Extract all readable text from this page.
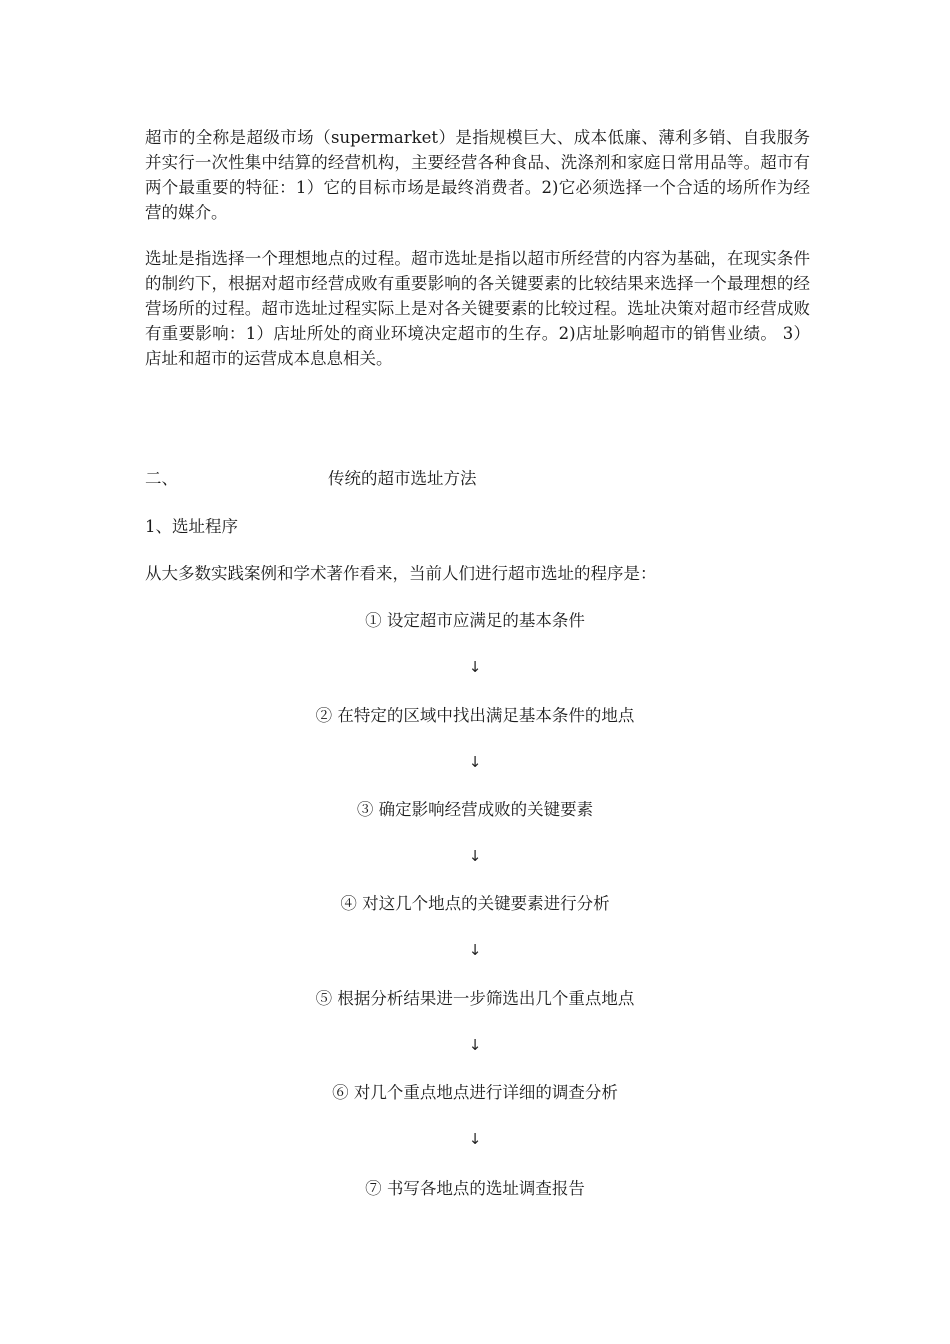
超市的全称是超级市场（supermarket）是指规模巨大、成本低廉、薄利多销、自我服务并实行一次性集中结算的经营机构，主要经营各种食品、洗涤剂和家庭日常用品等。超市有两个最重要的特征：1）它的目标市场是最终消费者。2)它必须选择一个合适的场所作为经营的媒介。

选址是指选择一个理想地点的过程。超市选址是指以超市所经营的内容为基础，在现实条件的制约下，根据对超市经营成败有重要影响的各关键要素的比较结果来选择一个最理想的经营场所的过程。超市选址过程实际上是对各关键要素的比较过程。选址决策对超市经营成败有重要影响：1）店址所处的商业环境决定超市的生存。2)店址影响超市的销售业绩。 3）店址和超市的运营成本息息相关。

二、	传统的超市选址方法
1、选址程序
从大多数实践案例和学术著作看来，当前人们进行超市选址的程序是：
① 设定超市应满足的基本条件
↓
② 在特定的区域中找出满足基本条件的地点
↓
③ 确定影响经营成败的关键要素
↓
④ 对这几个地点的关键要素进行分析
↓
⑤ 根据分析结果进一步筛选出几个重点地点
↓
⑥ 对几个重点地点进行详细的调查分析
↓
⑦ 书写各地点的选址调查报告
